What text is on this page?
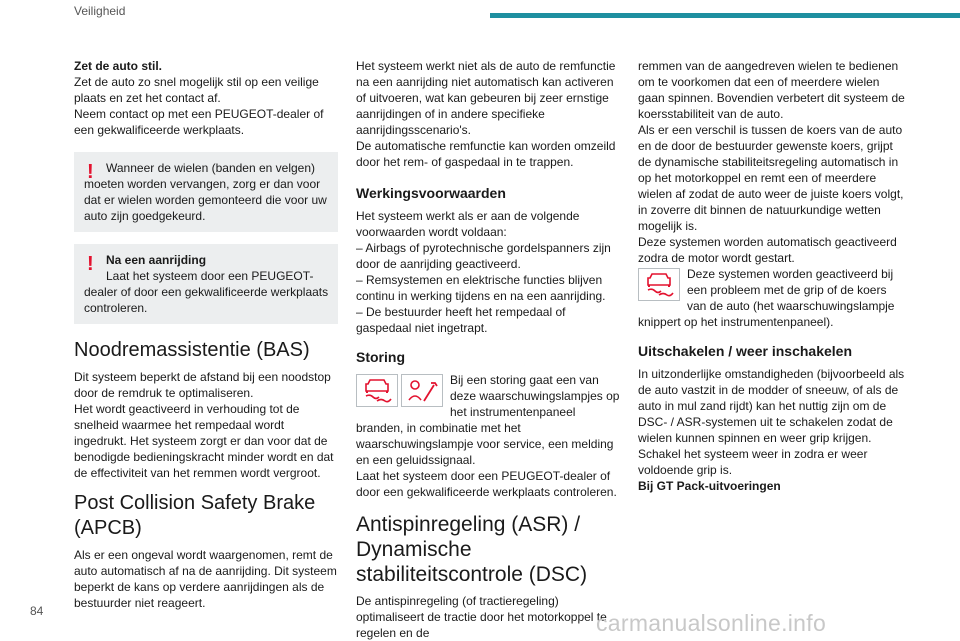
Veiligheid

Zet de auto stil.

Zet de auto zo snel mogelijk stil op een veilige plaats en zet het contact af.

Neem contact op met een PEUGEOT-dealer of een gekwalificeerde werkplaats.

!	Wanneer de wielen (banden en velgen) moeten worden vervangen, zorg er dan voor dat er wielen worden gemonteerd die voor uw auto zijn goedgekeurd.

!	Na een aanrijding

Laat het systeem door een PEUGEOT-dealer of door een gekwalificeerde werkplaats controleren.

Noodremassistentie (BAS)

Dit systeem beperkt de afstand bij een noodstop door de remdruk te optimaliseren.

Het wordt geactiveerd in verhouding tot de snelheid waarmee het rempedaal wordt ingedrukt. Het systeem zorgt er dan voor dat de benodigde bedieningskracht minder wordt en dat de effectiviteit van het remmen wordt vergroot.

Post Collision Safety Brake (APCB)

Als er een ongeval wordt waargenomen, remt de auto automatisch af na de aanrijding. Dit systeem beperkt de kans op verdere aanrijdingen als de bestuurder niet reageert.

Het systeem werkt niet als de auto de remfunctie na een aanrijding niet automatisch kan activeren of uitvoeren, wat kan gebeuren bij zeer ernstige aanrijdingen of in andere specifieke aanrijdingsscenario's.

De automatische remfunctie kan worden omzeild door het rem- of gaspedaal in te trappen.

Werkingsvoorwaarden

Het systeem werkt als er aan de volgende voorwaarden wordt voldaan:

– Airbags of pyrotechnische gordelspanners zijn door de aanrijding geactiveerd.

– Remsystemen en elektrische functies blijven continu in werking tijdens en na een aanrijding.

– De bestuurder heeft het rempedaal of gaspedaal niet ingetrapt.

Storing

Bij een storing gaat een van deze waarschuwingslampjes op het instrumentenpaneel branden, in combinatie met het waarschuwingslampje voor service, een melding en een geluidssignaal.

Laat het systeem door een PEUGEOT-dealer of door een gekwalificeerde werkplaats controleren.

Antispinregeling (ASR) / Dynamische stabiliteitscontrole (DSC)

De antispinregeling (of tractieregeling) optimaliseert de tractie door het motorkoppel te regelen en de

remmen van de aangedreven wielen te bedienen om te voorkomen dat een of meerdere wielen gaan spinnen. Bovendien verbetert dit systeem de koersstabiliteit van de auto.

Als er een verschil is tussen de koers van de auto en de door de bestuurder gewenste koers, grijpt de dynamische stabiliteitsregeling automatisch in op het motorkoppel en remt een of meerdere wielen af zodat de auto weer de juiste koers volgt, in zoverre dit binnen de natuurkundige wetten mogelijk is.

Deze systemen worden automatisch geactiveerd zodra de motor wordt gestart.

Deze systemen worden geactiveerd bij een probleem met de grip of de koers van de auto (het waarschuwingslampje knippert op het instrumentenpaneel).

Uitschakelen / weer inschakelen

In uitzonderlijke omstandigheden (bijvoorbeeld als de auto vastzit in de modder of sneeuw, of als de auto in mul zand rijdt) kan het nuttig zijn om de DSC- / ASR-systemen uit te schakelen zodat de wielen kunnen spinnen en weer grip krijgen.

Schakel het systeem weer in zodra er weer voldoende grip is.

Bij GT Pack-uitvoeringen

84	carmanualsonline.info
